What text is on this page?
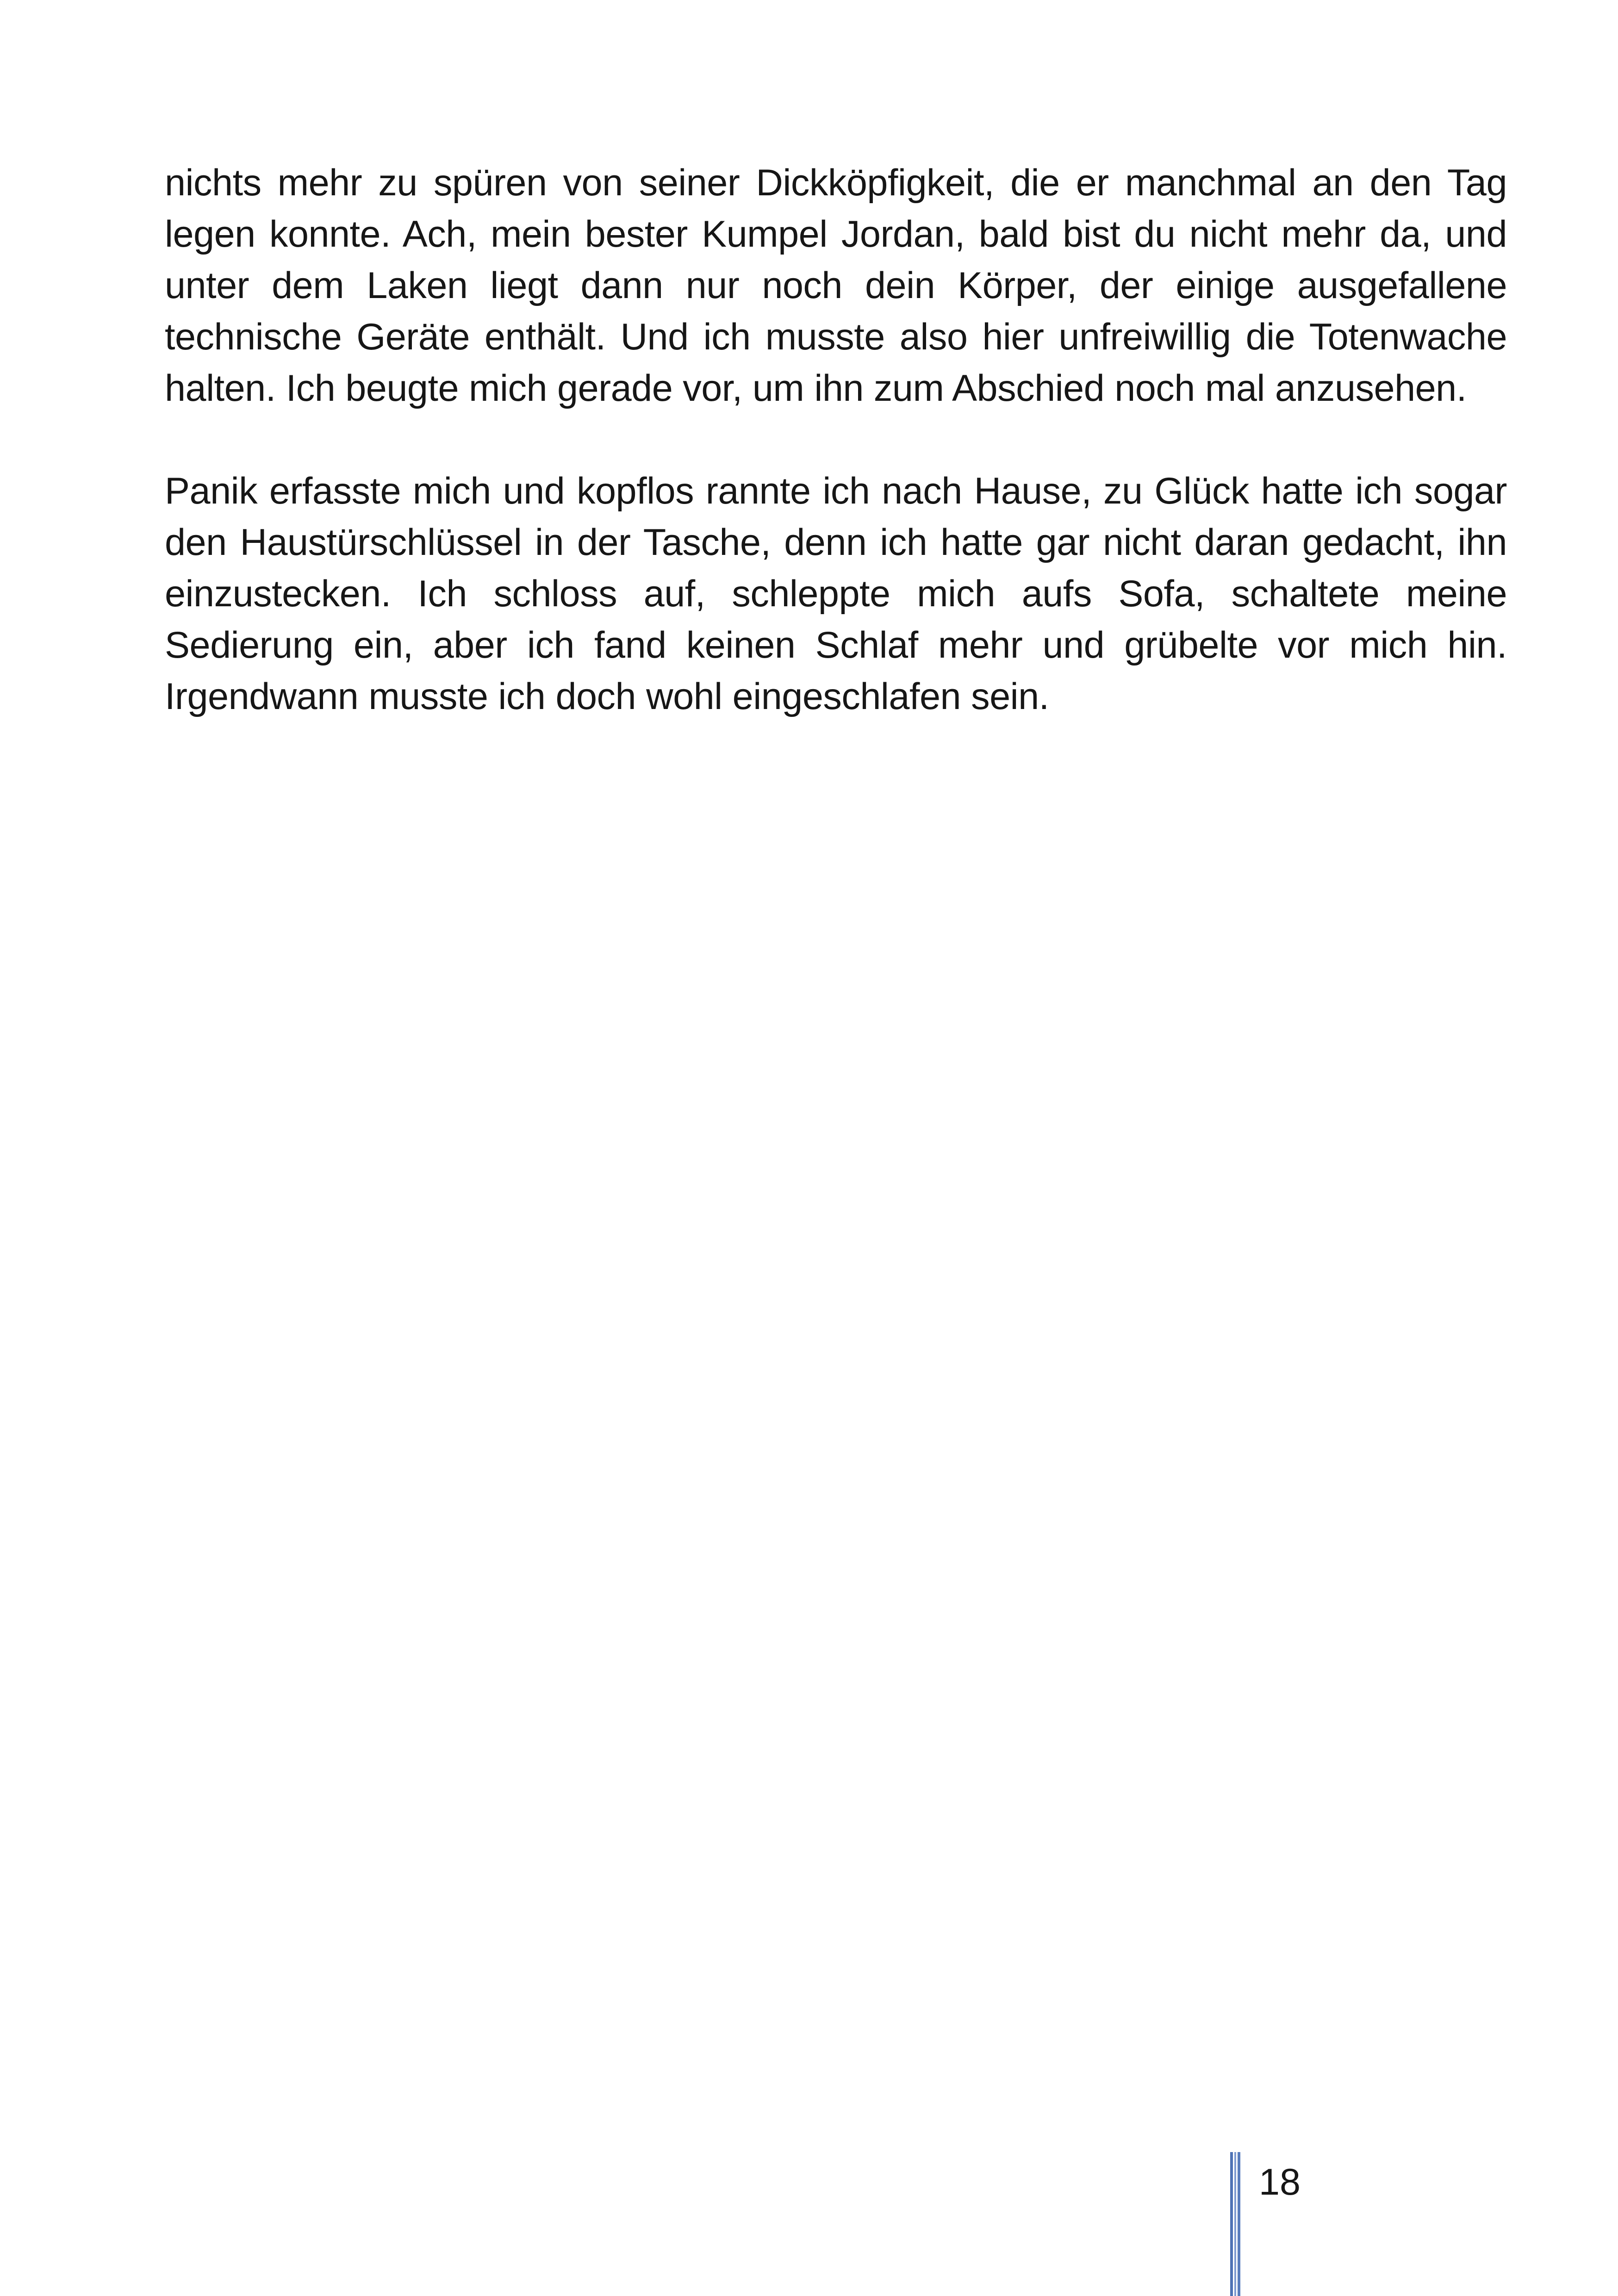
nichts mehr zu spüren von seiner Dickköpfigkeit, die er manchmal an den Tag legen konnte. Ach, mein bester Kumpel Jordan, bald bist du nicht mehr da, und unter dem Laken liegt dann nur noch dein Körper, der einige ausgefallene technische Geräte enthält. Und ich musste also hier unfreiwillig die Totenwache halten. Ich beugte mich gerade vor, um ihn zum Abschied noch mal anzusehen.

Panik erfasste mich und kopflos rannte ich nach Hause, zu Glück hatte ich sogar den Haustürschlüssel in der Tasche, denn ich hatte gar nicht daran gedacht, ihn einzustecken. Ich schloss auf, schleppte mich aufs Sofa, schaltete meine Sedierung ein, aber ich fand keinen Schlaf mehr und grübelte vor mich hin. Irgendwann musste ich doch wohl eingeschlafen sein.

18
